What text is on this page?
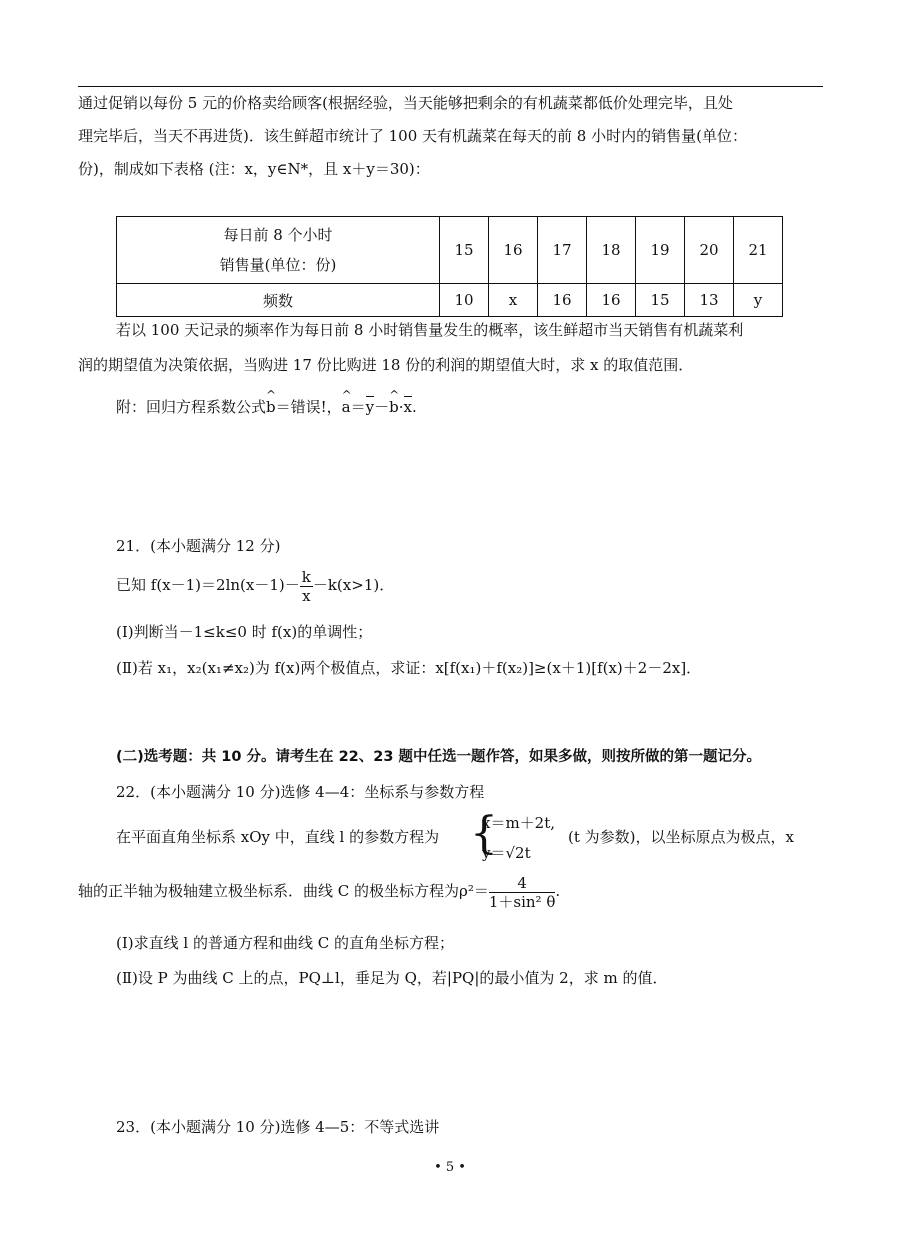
通过促销以每份 5 元的价格卖给顾客(根据经验，当天能够把剩余的有机蔬菜都低价处理完毕，且处
理完毕后，当天不再进货)．该生鲜超市统计了 100 天有机蔬菜在每天的前 8 小时内的销售量(单位：
份)，制成如下表格 (注：x，y∈N*，且 x＋y＝30)：
每日前 8 个小时
销售量(单位：份)	15	16	17	18	19	20	21
频数	10	x	16	16	15	13	y
若以 100 天记录的频率作为每日前 8 小时销售量发生的概率，该生鲜超市当天销售有机蔬菜利
润的期望值为决策依据，当购进 17 份比购进 18 份的利润的期望值大时，求 x 的取值范围．
附：回归方程系数公式^ b＝错误!，^ a＝y－^ b·x.
21．(本小题满分 12 分)
已知 $f(x-1)=2\ln(x-1)- \frac{k}{x} -k(x>1)$．
(Ⅰ)判断当－1≤k≤0 时 f(x)的单调性；
(Ⅱ)若 x₁，x₂(x₁≠x₂)为 f(x)两个极值点，求证：x[f(x₁)＋f(x₂)]≥(x＋1)[f(x)＋2－2x]．
(二)选考题：共 10 分。请考生在 22、23 题中任选一题作答，如果多做，则按所做的第一题记分。
22．(本小题满分 10 分)选修 4—4：坐标系与参数方程
在平面直角坐标系 xOy 中，直线 l 的参数方程为 {
x＝m＋2t,
y＝√2t
(t 为参数)，以坐标原点为极点，x
轴的正半轴为极轴建立极坐标系．曲线 C 的极坐标方程为$\rho^2= \frac{4}{\text{1＋sin² θ}}$ .
(Ⅰ)求直线 l 的普通方程和曲线 C 的直角坐标方程；
(Ⅱ)设 P 为曲线 C 上的点，PQ⊥l，垂足为 Q，若|PQ|的最小值为 2，求 m 的值．
23．(本小题满分 10 分)选修 4—5：不等式选讲
• 5 •
